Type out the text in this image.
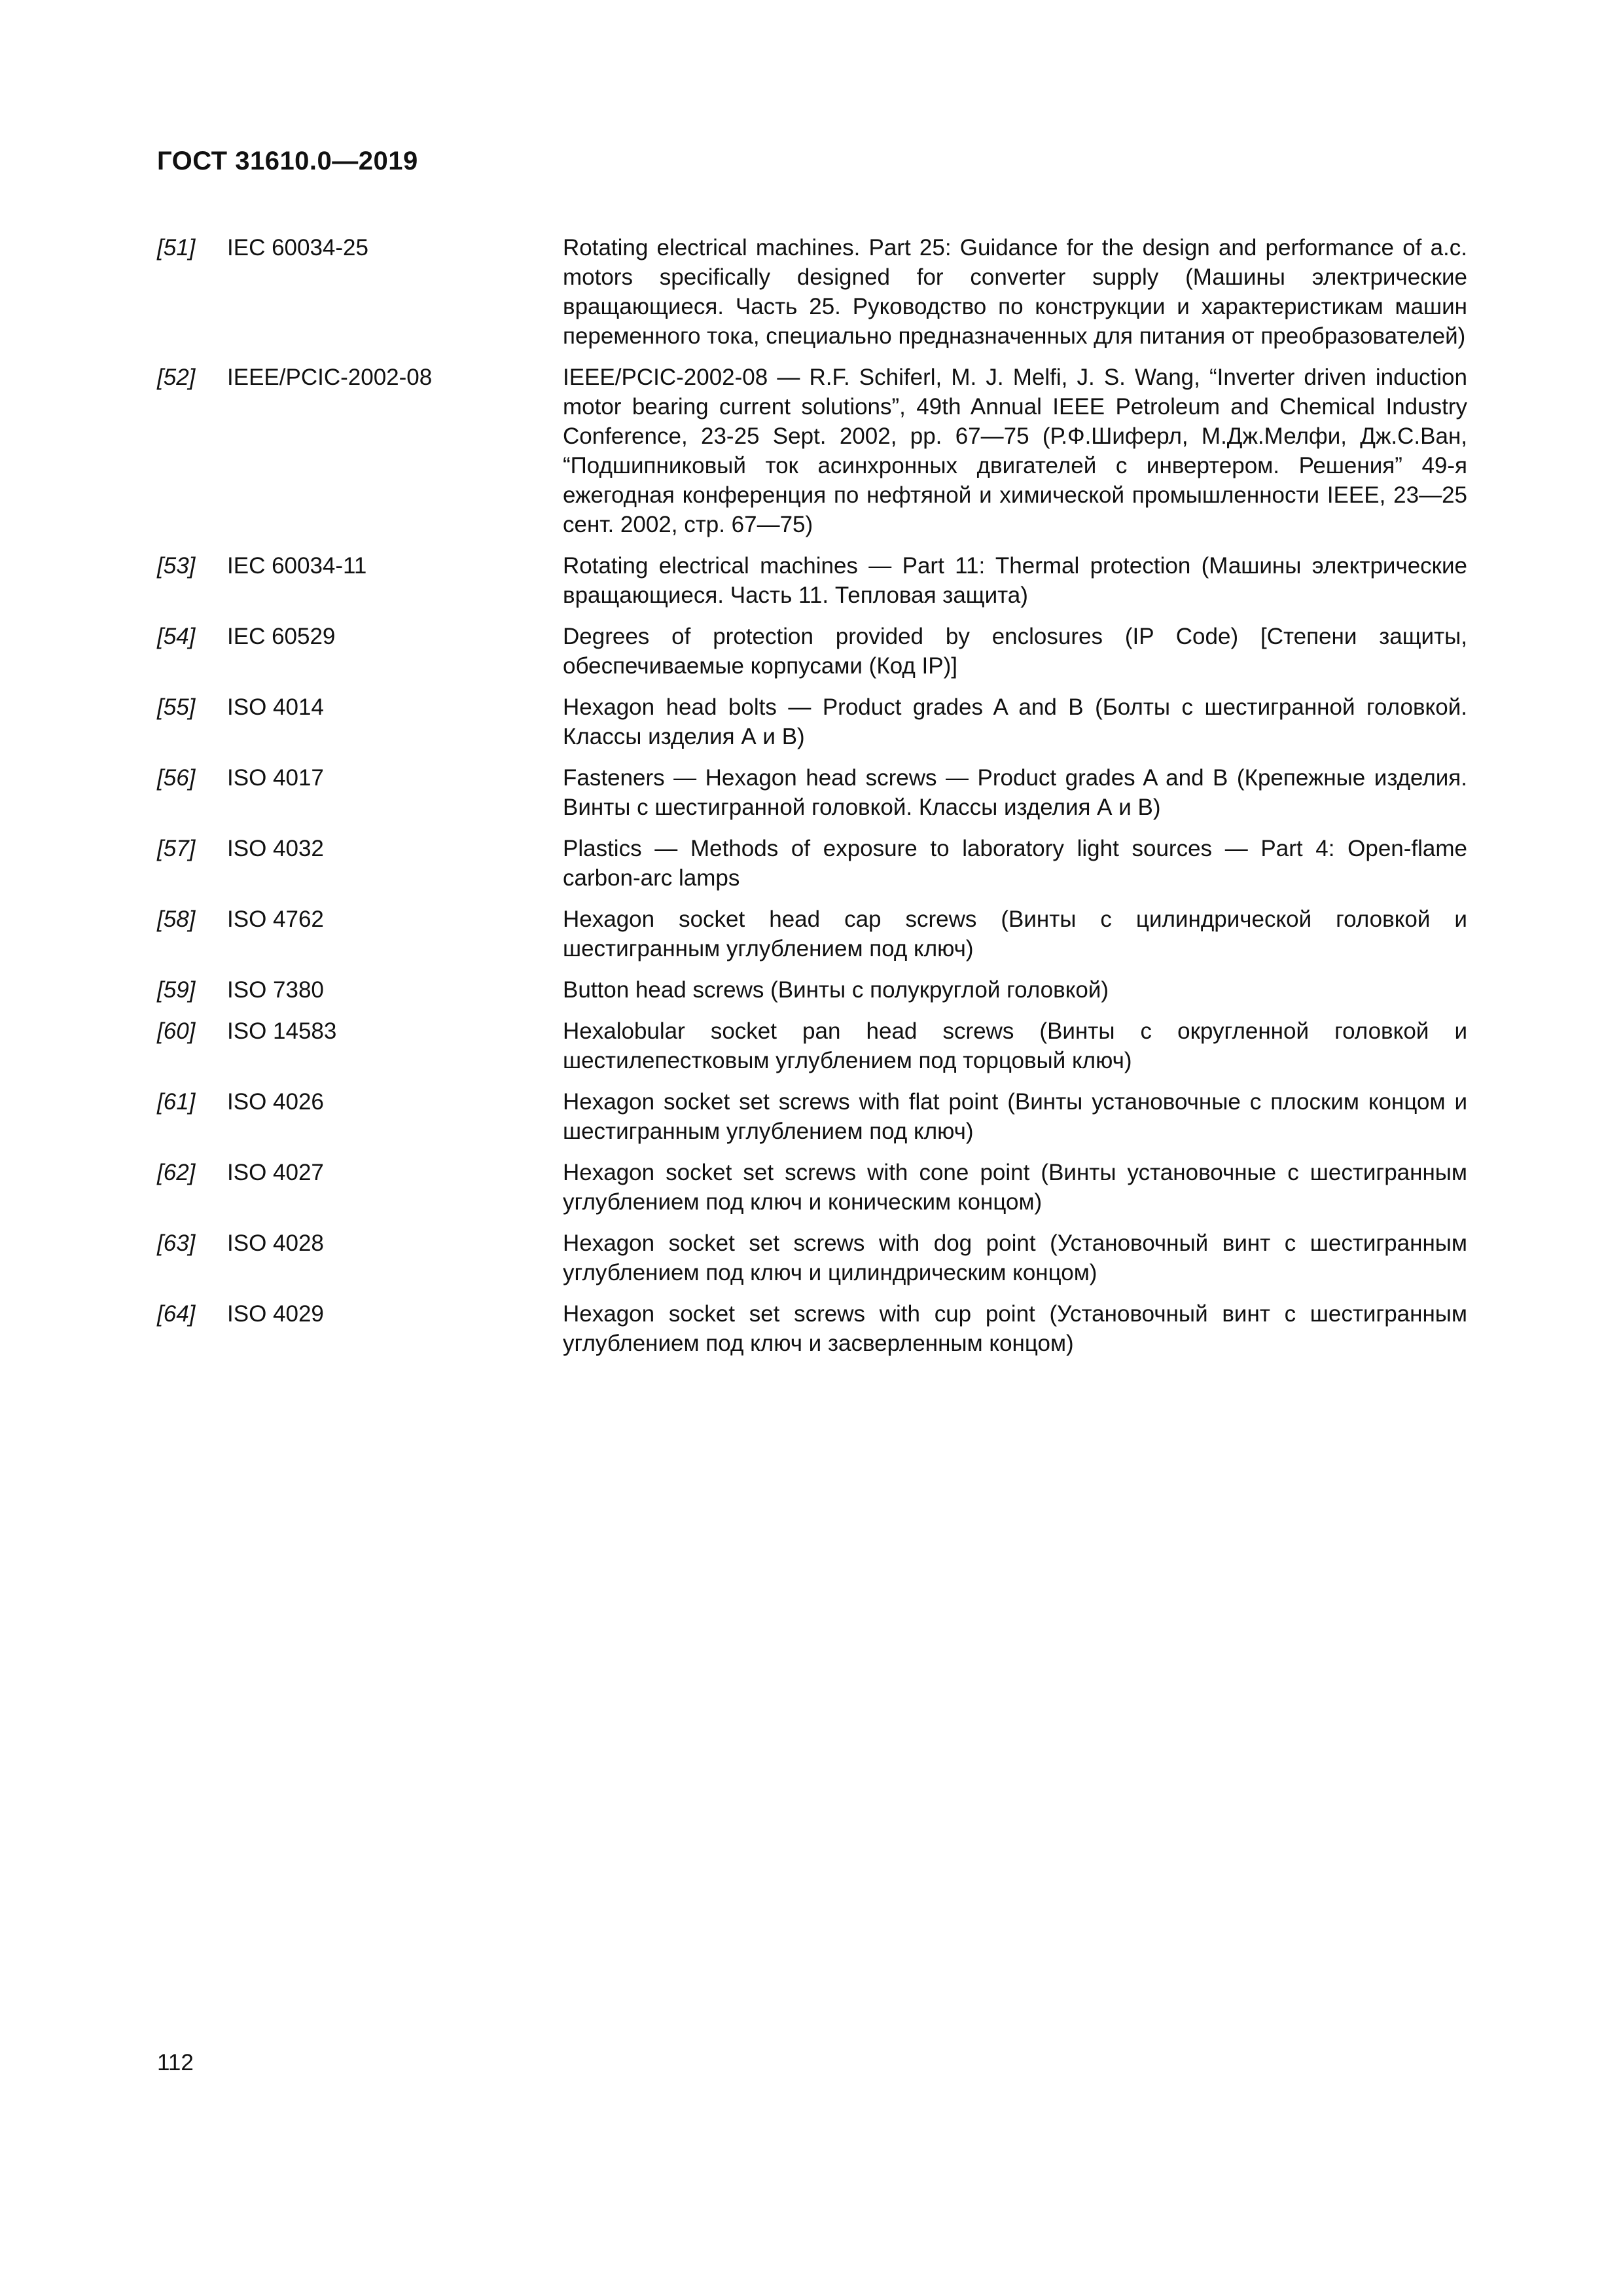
ГОСТ 31610.0—2019
[51] IEC 60034-25	Rotating electrical machines. Part 25: Guidance for the design and performance of a.c. motors specifically designed for converter supply (Машины электрические вращающиеся. Часть 25. Руководство по конструкции и характеристикам машин переменного тока, специально предназначенных для питания от преобразователей)
[52] IEEE/PCIC-2002-08	IEEE/PCIC-2002-08 — R.F. Schiferl, M. J. Melfi, J. S. Wang, “Inverter driven induction motor bearing current solutions”, 49th Annual IEEE Petroleum and Chemical Industry Conference, 23-25 Sept. 2002, pp. 67—75 (Р.Ф.Шиферл, М.Дж.Мелфи, Дж.С.Ван, “Подшипниковый ток асинхронных двигателей с инвертером. Решения” 49-я ежегодная конференция по нефтяной и химической промышленности IEEE, 23—25 сент. 2002, стр. 67—75)
[53] IEC 60034-11	Rotating electrical machines — Part 11: Thermal protection (Машины электрические вращающиеся. Часть 11. Тепловая защита)
[54] IEC 60529	Degrees of protection provided by enclosures (IP Code) [Степени защиты, обеспечиваемые корпусами (Код IP)]
[55] ISO 4014	Hexagon head bolts — Product grades A and B (Болты с шестигранной головкой. Классы изделия А и В)
[56] ISO 4017	Fasteners — Hexagon head screws — Product grades A and B (Крепежные изделия. Винты с шестигранной головкой. Классы изделия А и В)
[57] ISO 4032	Plastics — Methods of exposure to laboratory light sources — Part 4: Open-flame carbon-arc lamps
[58] ISO 4762	Hexagon socket head cap screws (Винты с цилиндрической головкой и шестигранным углублением под ключ)
[59] ISO 7380	Button head screws (Винты с полукруглой головкой)
[60] ISO 14583	Hexalobular socket pan head screws (Винты с округленной головкой и шестилепестковым углублением под торцовый ключ)
[61] ISO 4026	Hexagon socket set screws with flat point (Винты установочные с плоским концом и шестигранным углублением под ключ)
[62] ISO 4027	Hexagon socket set screws with cone point (Винты установочные с шестигранным углублением под ключ и коническим концом)
[63] ISO 4028	Hexagon socket set screws with dog point (Установочный винт с шестигранным углублением под ключ и цилиндрическим концом)
[64] ISO 4029	Hexagon socket set screws with cup point (Установочный винт с шестигранным углублением под ключ и засверленным концом)
112
